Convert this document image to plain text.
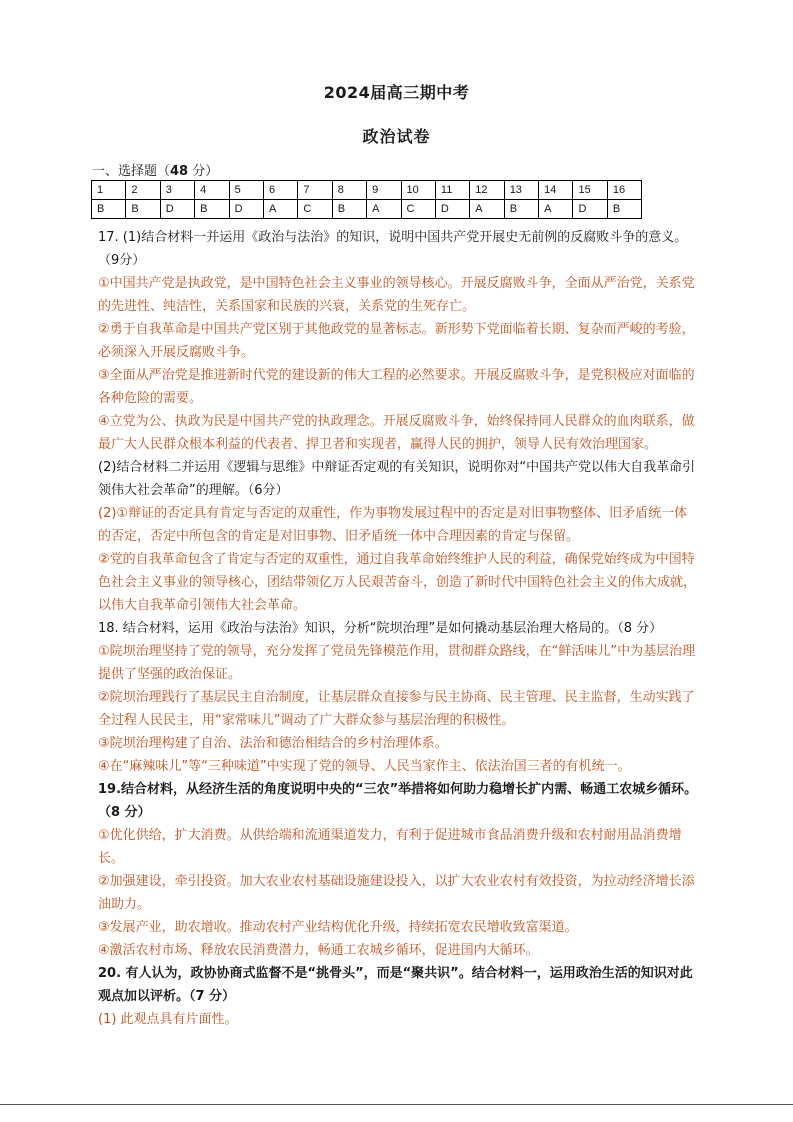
2024届高三期中考
政治试卷
一、选择题（48 分）
1	2	3	4	5	6	7	8	9	10	11	12	13	14	15	16
B	B	D	B	D	A	C	B	A	C	D	A	B	A	D	B

17. (1)结合材料一并运用《政治与法治》的知识，说明中国共产党开展史无前例的反腐败斗争的意义。（9分）

①中国共产党是执政党，是中国特色社会主义事业的领导核心。开展反腐败斗争，全面从严治党，关系党的先进性、纯洁性，关系国家和民族的兴衰，关系党的生死存亡。

②勇于自我革命是中国共产党区别于其他政党的显著标志。新形势下党面临着长期、复杂而严峻的考验，必须深入开展反腐败斗争。

③全面从严治党是推进新时代党的建设新的伟大工程的必然要求。开展反腐败斗争，是党积极应对面临的各种危险的需要。

④立党为公、执政为民是中国共产党的执政理念。开展反腐败斗争，始终保持同人民群众的血肉联系，做最广大人民群众根本利益的代表者、捍卫者和实现者，赢得人民的拥护，领导人民有效治理国家。

(2)结合材料二并运用《逻辑与思维》中辩证否定观的有关知识，说明你对“中国共产党以伟大自我革命引领伟大社会革命”的理解。（6分）

(2)①辩证的否定具有肯定与否定的双重性，作为事物发展过程中的否定是对旧事物整体、旧矛盾统一体的否定，否定中所包含的肯定是对旧事物、旧矛盾统一体中合理因素的肯定与保留。

②党的自我革命包含了肯定与否定的双重性，通过自我革命始终维护人民的利益，确保党始终成为中国特色社会主义事业的领导核心，团结带领亿万人民艰苦奋斗，创造了新时代中国特色社会主义的伟大成就，以伟大自我革命引领伟大社会革命。

18. 结合材料，运用《政治与法治》知识，分析“院坝治理”是如何撬动基层治理大格局的。（8 分）

①院坝治理坚持了党的领导，充分发挥了党员先锋模范作用，贯彻群众路线，在“鲜活味儿”中为基层治理提供了坚强的政治保证。

②院坝治理践行了基层民主自治制度，让基层群众直接参与民主协商、民主管理、民主监督，生动实践了全过程人民民主，用“家常味儿”调动了广大群众参与基层治理的积极性。

③院坝治理构建了自治、法治和德治相结合的乡村治理体系。

④在“麻辣味儿”等“三种味道”中实现了党的领导、人民当家作主、依法治国三者的有机统一。

19.结合材料，从经济生活的角度说明中央的“三农”举措将如何助力稳增长扩内需、畅通工农城乡循环。（8 分）

①优化供给，扩大消费。从供给端和流通渠道发力，有利于促进城市食品消费升级和农村耐用品消费增长。

②加强建设，牵引投资。加大农业农村基础设施建设投入，以扩大农业农村有效投资，为拉动经济增长添油助力。

③发展产业，助农增收。推动农村产业结构优化升级，持续拓宽农民增收致富渠道。

④激活农村市场、释放农民消费潜力，畅通工农城乡循环，促进国内大循环。

20. 有人认为，政协协商式监督不是“挑骨头”，而是“聚共识”。结合材料一，运用政治生活的知识对此观点加以评析。（7 分）

(1) 此观点具有片面性。
